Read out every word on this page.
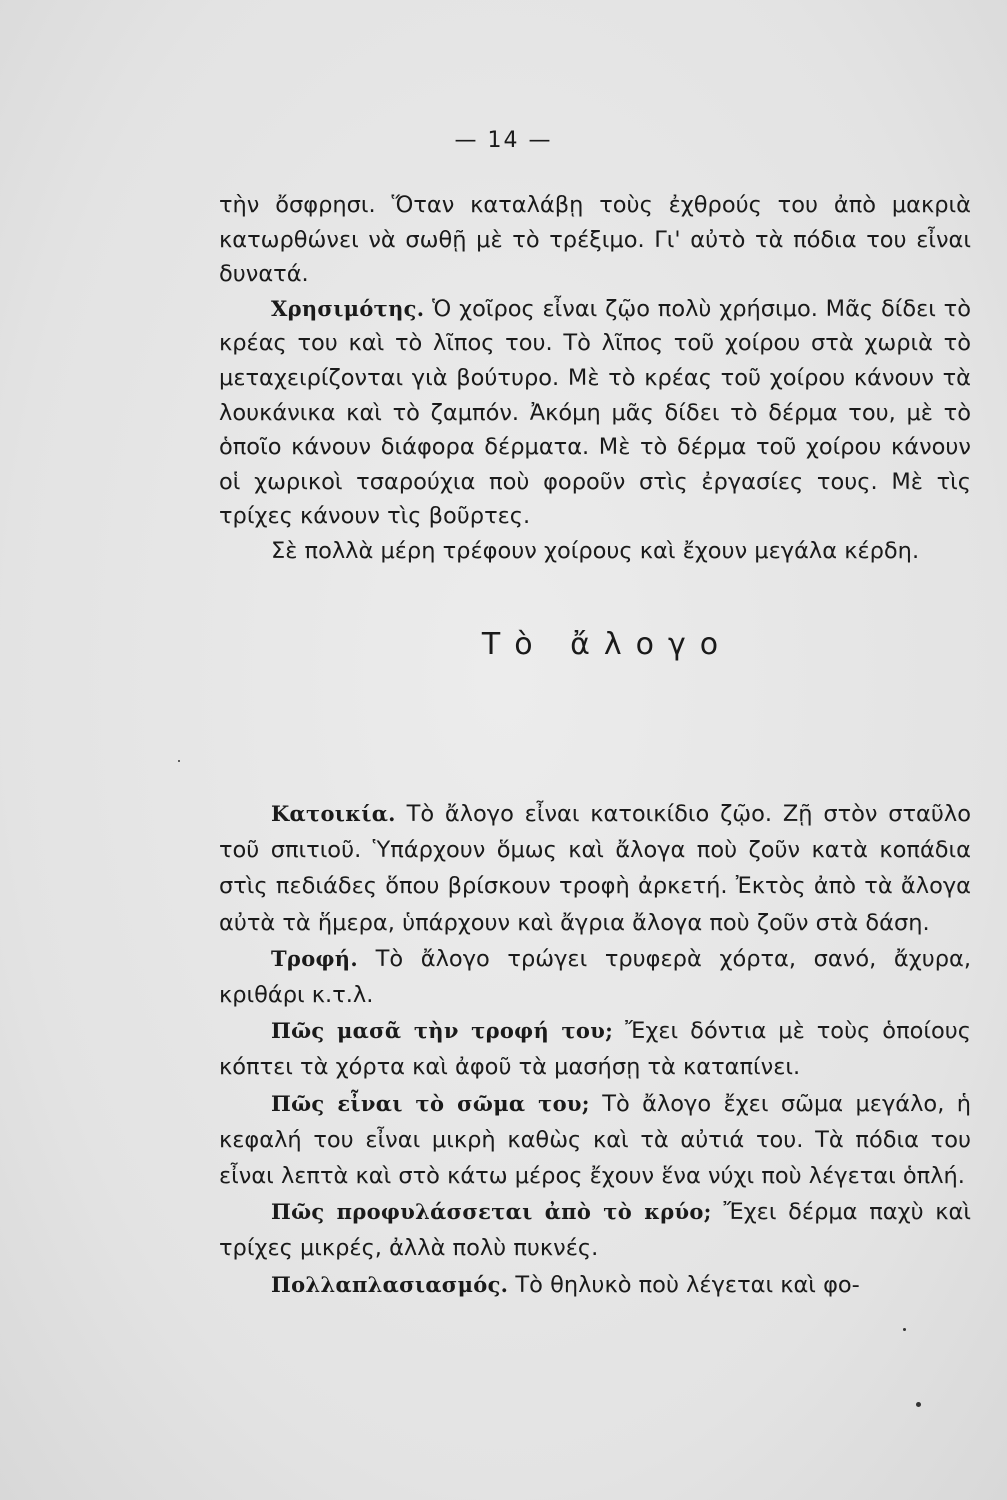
— 14 —

τὴν ὄσφρησι. Ὅταν καταλάβῃ τοὺς ἐχθρούς του ἀπὸ μακριὰ κατωρθώνει νὰ σωθῇ μὲ τὸ τρέξιμο. Γι' αὐτὸ τὰ πόδια του εἶναι δυνατά.

Χρησιμότης. Ὁ χοῖρος εἶναι ζῷο πολὺ χρήσιμο. Μᾶς δίδει τὸ κρέας του καὶ τὸ λῖπος του. Τὸ λῖπος τοῦ χοίρου στὰ χωριὰ τὸ μεταχειρίζονται γιὰ βούτυρο. Μὲ τὸ κρέας τοῦ χοίρου κάνουν τὰ λουκάνικα καὶ τὸ ζαμπόν. Ἀκόμη μᾶς δίδει τὸ δέρμα του, μὲ τὸ ὁποῖο κάνουν διάφορα δέρματα. Μὲ τὸ δέρμα τοῦ χοίρου κάνουν οἱ χωρικοὶ τσαρούχια ποὺ φοροῦν στὶς ἐργασίες τους. Μὲ τὶς τρίχες κάνουν τὶς βοῦρτες.

Σὲ πολλὰ μέρη τρέφουν χοίρους καὶ ἔχουν μεγάλα κέρδη.

Τὸ ἄλογο

Κατοικία. Τὸ ἄλογο εἶναι κατοικίδιο ζῷο. Ζῇ στὸν σταῦλο τοῦ σπιτιοῦ. Ὑπάρχουν ὅμως καὶ ἄλογα ποὺ ζοῦν κατὰ κοπάδια στὶς πεδιάδες ὅπου βρίσκουν τροφὴ ἀρκετή. Ἐκτὸς ἀπὸ τὰ ἄλογα αὐτὰ τὰ ἥμερα, ὑπάρχουν καὶ ἄγρια ἄλογα ποὺ ζοῦν στὰ δάση.

Τροφή. Τὸ ἄλογο τρώγει τρυφερὰ χόρτα, σανό, ἄχυρα, κριθάρι κ.τ.λ.

Πῶς μασᾶ τὴν τροφή του; Ἔχει δόντια μὲ τοὺς ὁποίους κόπτει τὰ χόρτα καὶ ἀφοῦ τὰ μασήσῃ τὰ καταπίνει.

Πῶς εἶναι τὸ σῶμα του; Τὸ ἄλογο ἔχει σῶμα μεγάλο, ἡ κεφαλή του εἶναι μικρὴ καθὼς καὶ τὰ αὐτιά του. Τὰ πόδια του εἶναι λεπτὰ καὶ στὸ κάτω μέρος ἔχουν ἕνα νύχι ποὺ λέγεται ὁπλή.

Πῶς προφυλάσσεται ἀπὸ τὸ κρύο; Ἔχει δέρμα παχὺ καὶ τρίχες μικρές, ἀλλὰ πολὺ πυκνές.

Πολλαπλασιασμός. Τὸ θηλυκὸ ποὺ λέγεται καὶ φο-
